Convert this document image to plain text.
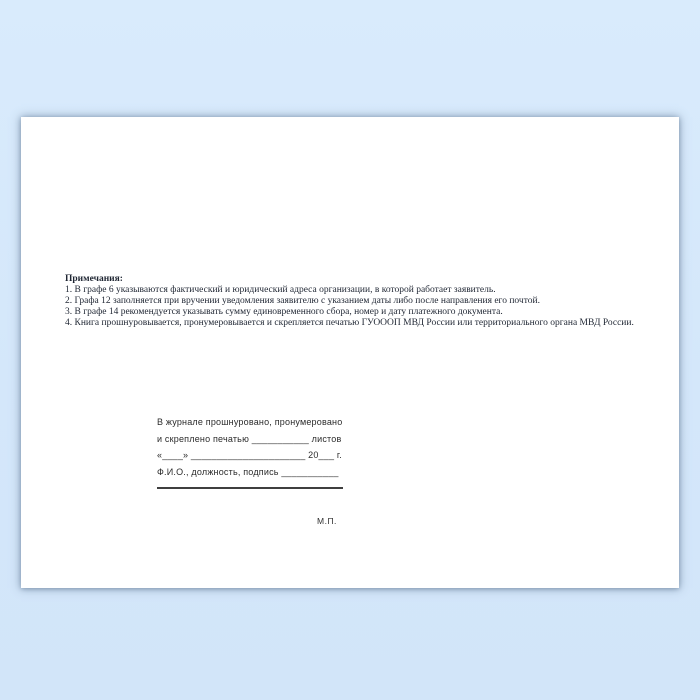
Примечания:
1. В графе 6 указываются фактический и юридический адреса организации, в которой работает заявитель.
2. Графа 12 заполняется при вручении уведомления заявителю с указанием даты либо после направления его почтой.
3. В графе 14 рекомендуется указывать сумму единовременного сбора, номер и дату платежного документа.
4. Книга прошнуровывается, пронумеровывается и скрепляется печатью ГУОООП МВД России или территориального органа МВД России.
В журнале прошнуровано, пронумеровано
и скреплено печатью ___________ листов
«____» ______________________ 20___ г.
Ф.И.О., должность, подпись ___________
М.П.
